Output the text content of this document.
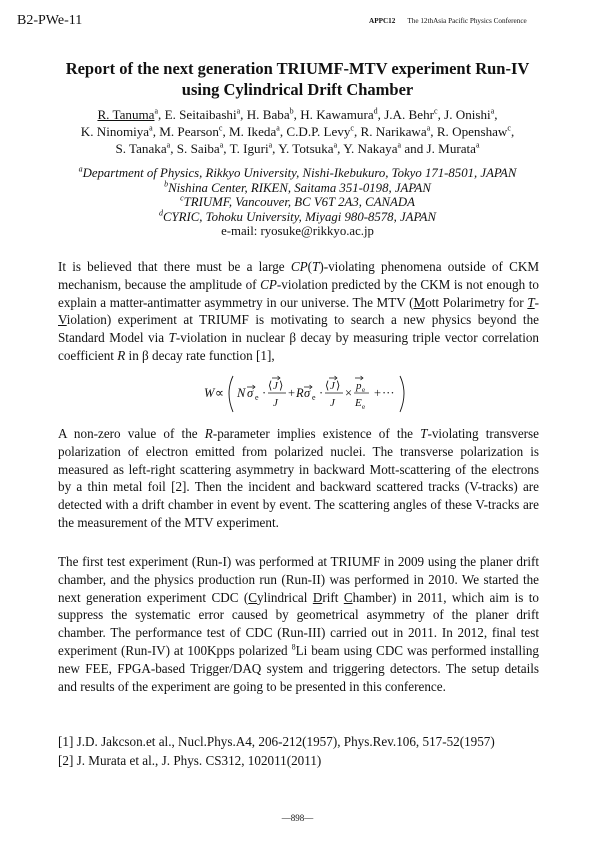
B2-PWe-11	APPC12 The 12thAsia Pacific Physics Conference
Report of the next generation TRIUMF-MTV experiment Run-IV
using Cylindrical Drift Chamber
R. Tanuma$^a$, E. Seitaibashi$^a$, H. Baba$^b$, H. Kawamura$^d$, J.A. Behr$^c$, J. Onishi$^a$,
K. Ninomiya$^a$, M. Pearson$^c$, M. Ikeda$^a$, C.D.P. Levy$^c$, R. Narikawa$^a$, R. Openshaw$^c$,
S. Tanaka$^a$, S. Saiba$^a$, T. Iguri$^a$, Y. Totsuka$^a$, Y. Nakaya$^a$ and J. Murata$^a$
$^a$Department of Physics, Rikkyo University, Nishi-Ikebukuro, Tokyo 171-8501, JAPAN
$^b$Nishina Center, RIKEN, Saitama 351-0198, JAPAN
$^c$TRIUMF, Vancouver, BC V6T 2A3, CANADA
$^d$CYRIC, Tohoku University, Miyagi 980-8578, JAPAN
e-mail: ryosuke@rikkyo.ac.jp

It is believed that there must be a large CP(T)-violating phenomena outside of CKM mechanism, because the amplitude of CP-violation predicted by the CKM is not enough to explain a matter-antimatter asymmetry in our universe. The MTV (Mott Polarimetry for T-Violation) experiment at TRIUMF is motivating to search a new physics beyond the Standard Model via T-violation in nuclear β decay by measuring triple vector correlation coefficient R in β decay rate function [1],

W ∝ N σ e · ⟨ J ⟩
J
+ R σ e · ⟨ J ⟩
J
× p e
E e
+ ···

A non-zero value of the R-parameter implies existence of the T-violating transverse polarization of electron emitted from polarized nuclei. The transverse polarization is measured as left-right scattering asymmetry in backward Mott-scattering of the electrons by a thin metal foil [2]. Then the incident and backward scattered tracks (V-tracks) are detected with a drift chamber in event by event. The scattering angles of these V-tracks are the measurement of the MTV experiment.

The first test experiment (Run-I) was performed at TRIUMF in 2009 using the planer drift chamber, and the physics production run (Run-II) was performed in 2010. We started the next generation experiment CDC (Cylindrical Drift Chamber) in 2011, which aim is to suppress the systematic error caused by geometrical asymmetry of the planer drift chamber. The performance test of CDC (Run-III) carried out in 2011. In 2012, final test experiment (Run-IV) at 100Kpps polarized $^8$Li beam using CDC was performed installing new FEE, FPGA-based Trigger/DAQ system and triggering detectors. The setup details and results of the experiment are going to be presented in this conference.

[1] J.D. Jakcson.et al., Nucl.Phys.A4, 206-212(1957), Phys.Rev.106, 517-52(1957)
[2] J. Murata et al., J. Phys. CS312, 102011(2011)
—898—
